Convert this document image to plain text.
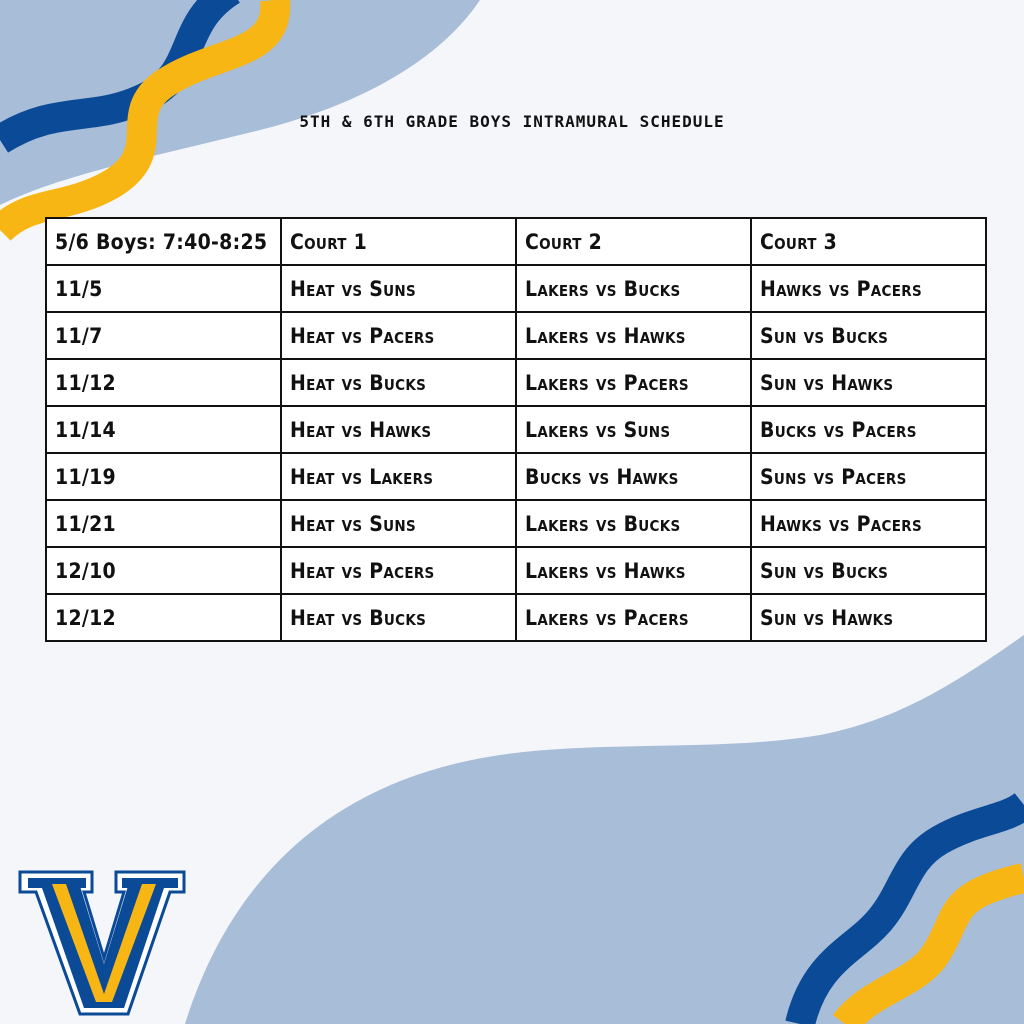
5TH & 6TH GRADE BOYS INTRAMURAL SCHEDULE
5/6 Boys: 7:40-8:25	Court 1	Court 2	Court 3
11/5	Heat vs Suns	Lakers vs Bucks	Hawks vs Pacers
11/7	Heat vs Pacers	Lakers vs Hawks	Sun vs Bucks
11/12	Heat vs Bucks	Lakers vs Pacers	Sun vs Hawks
11/14	Heat vs Hawks	Lakers vs Suns	Bucks vs Pacers
11/19	Heat vs Lakers	Bucks vs Hawks	Suns vs Pacers
11/21	Heat vs Suns	Lakers vs Bucks	Hawks vs Pacers
12/10	Heat vs Pacers	Lakers vs Hawks	Sun vs Bucks
12/12	Heat vs Bucks	Lakers vs Pacers	Sun vs Hawks
